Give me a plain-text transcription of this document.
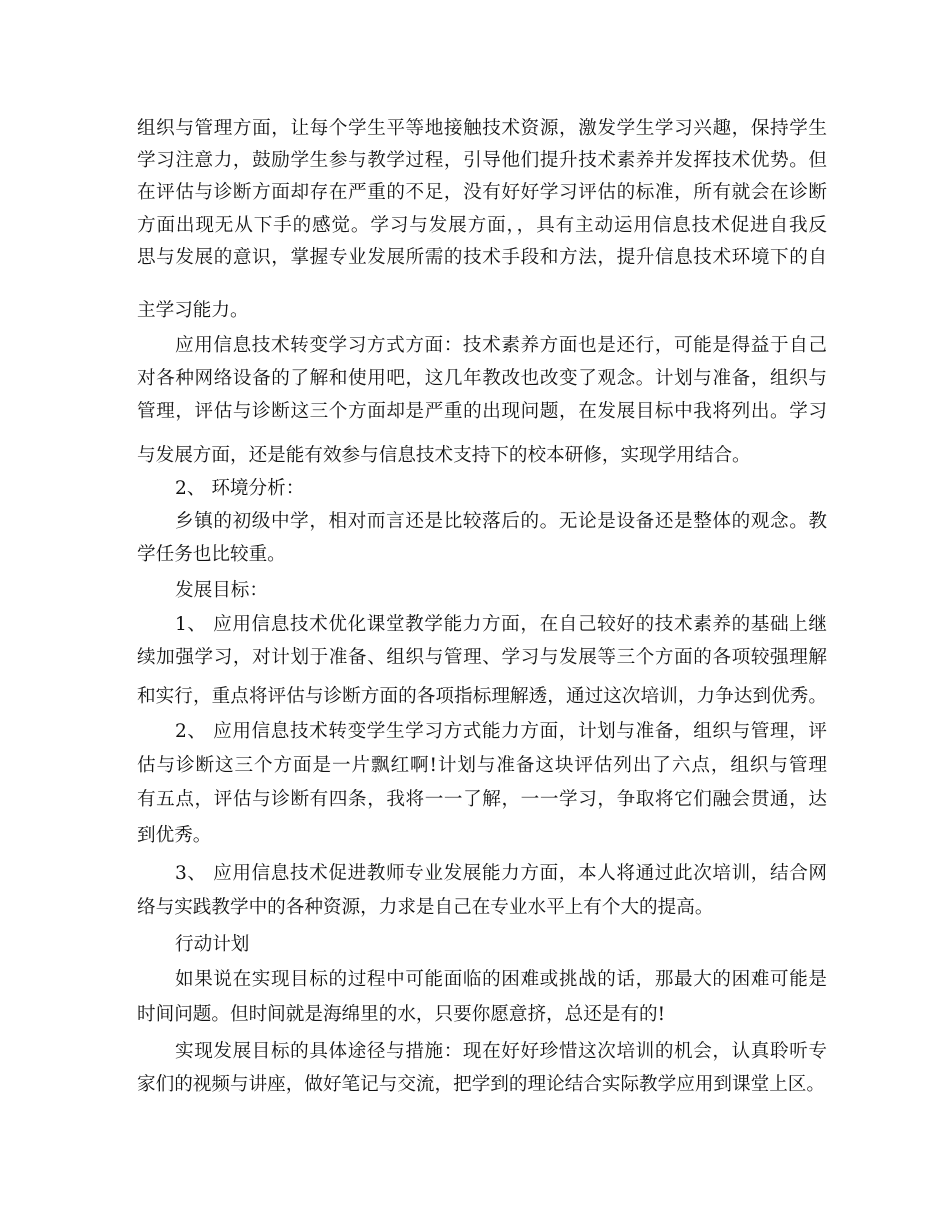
组织与管理方面，让每个学生平等地接触技术资源，激发学生学习兴趣，保持学生
学习注意力，鼓励学生参与教学过程，引导他们提升技术素养并发挥技术优势。但
在评估与诊断方面却存在严重的不足，没有好好学习评估的标准，所有就会在诊断
方面出现无从下手的感觉。学习与发展方面，，具有主动运用信息技术促进自我反
思与发展的意识，掌握专业发展所需的技术手段和方法，提升信息技术环境下的自
主学习能力。
应用信息技术转变学习方式方面：技术素养方面也是还行，可能是得益于自己
对各种网络设备的了解和使用吧，这几年教改也改变了观念。计划与准备，组织与
管理，评估与诊断这三个方面却是严重的出现问题，在发展目标中我将列出。学习
与发展方面，还是能有效参与信息技术支持下的校本研修，实现学用结合。
2、 环境分析：
乡镇的初级中学，相对而言还是比较落后的。无论是设备还是整体的观念。教
学任务也比较重。
发展目标：
1、 应用信息技术优化课堂教学能力方面，在自己较好的技术素养的基础上继
续加强学习，对计划于准备、组织与管理、学习与发展等三个方面的各项较强理解
和实行，重点将评估与诊断方面的各项指标理解透，通过这次培训，力争达到优秀。
2、 应用信息技术转变学生学习方式能力方面，计划与准备，组织与管理，评
估与诊断这三个方面是一片飘红啊!计划与准备这块评估列出了六点，组织与管理
有五点，评估与诊断有四条，我将一一了解，一一学习，争取将它们融会贯通，达
到优秀。
3、 应用信息技术促进教师专业发展能力方面，本人将通过此次培训，结合网
络与实践教学中的各种资源，力求是自己在专业水平上有个大的提高。
行动计划
如果说在实现目标的过程中可能面临的困难或挑战的话，那最大的困难可能是
时间问题。但时间就是海绵里的水，只要你愿意挤，总还是有的!
实现发展目标的具体途径与措施：现在好好珍惜这次培训的机会，认真聆听专
家们的视频与讲座，做好笔记与交流，把学到的理论结合实际教学应用到课堂上区。
